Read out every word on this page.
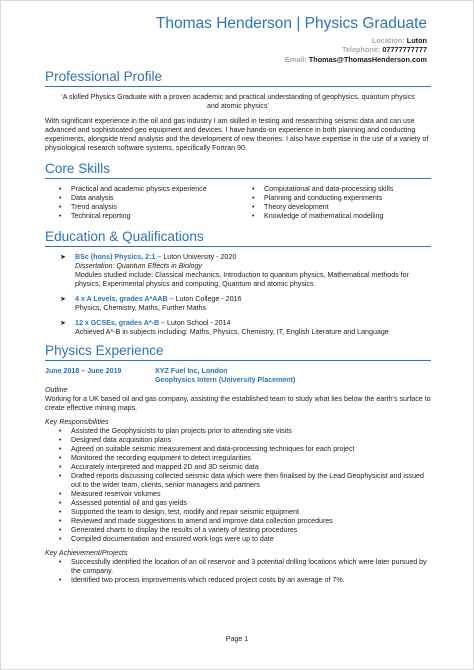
Thomas Henderson | Physics Graduate
Location: Luton
Telephone: 07777777777
Email: Thomas@ThomasHenderson.com
Professional Profile

‘A skilled Physics Graduate with a proven academic and practical understanding of geophysics, quantum physics and atomic physics’

With significant experience in the oil and gas industry I am skilled in testing and researching seismic data and can use advanced and sophisticated geo equipment and devices. I have hands-on experience in both planning and conducting experiments, alongside trend analysis and the development of new theories. I also have expertise in the use of a variety of physiological research software systems, specifically Fortran 90.

Core Skills
• Practical and academic physics experience
• Data analysis
• Trend analysis
• Technical reporting
• Computational and data-processing skills
• Planning and conducting experiments
• Theory development
• Knowledge of mathematical modelling
Education & Qualifications
➤ BSc (hons) Physics, 2:1 – Luton University - 2020

Dissertation: Quantum Effects in Biology

Modules studied include: Classical mechanics, Introduction to quantum physics, Mathematical methods for physics, Experimental physics and computing, Quantum and atomic physics

➤ 4 x A Levels, grades A*AAB – Luton College - 2016

Physics, Chemistry, Maths, Further Maths

➤ 12 x GCSEs, grades A*-B – Luton School - 2014

Achieved A*-B in subjects including: Maths, Physics, Chemistry, IT, English Literature and Language

Physics Experience
June 2018 – June 2019	XYZ Fuel Inc, London
Geophysics Intern (University Placement)
Outline

Working for a UK based oil and gas company, assisting the established team to study what lies below the earth’s surface to create effective mining maps.

Key Responsibilities
• Assisted the Geophysicists to plan projects prior to attending site visits
• Designed data acquisition plans
• Agreed on suitable seismic measurement and data-processing techniques for each project
• Monitored the recording equipment to detect irregularities
• Accurately interpreted and mapped 2D and 3D seismic data
• Drafted reports discussing collected seismic data which were then finalised by the Lead Geophysicist and issued out to the wider team, clients, senior managers and partners
• Measured reservoir volumes
• Assessed potential oil and gas yields
• Supported the team to design, test, modify and repair seismic equipment
• Reviewed and made suggestions to amend and improve data collection procedures
• Generated charts to display the results of a variety of testing procedures
• Compiled documentation and ensured work logs were up to date
Key Achievement/Projects
• Successfully identified the location of an oil reservoir and 3 potential drilling locations which were later pursued by the company.
• Identified two process improvements which reduced project costs by an average of 7%.
Page 1
